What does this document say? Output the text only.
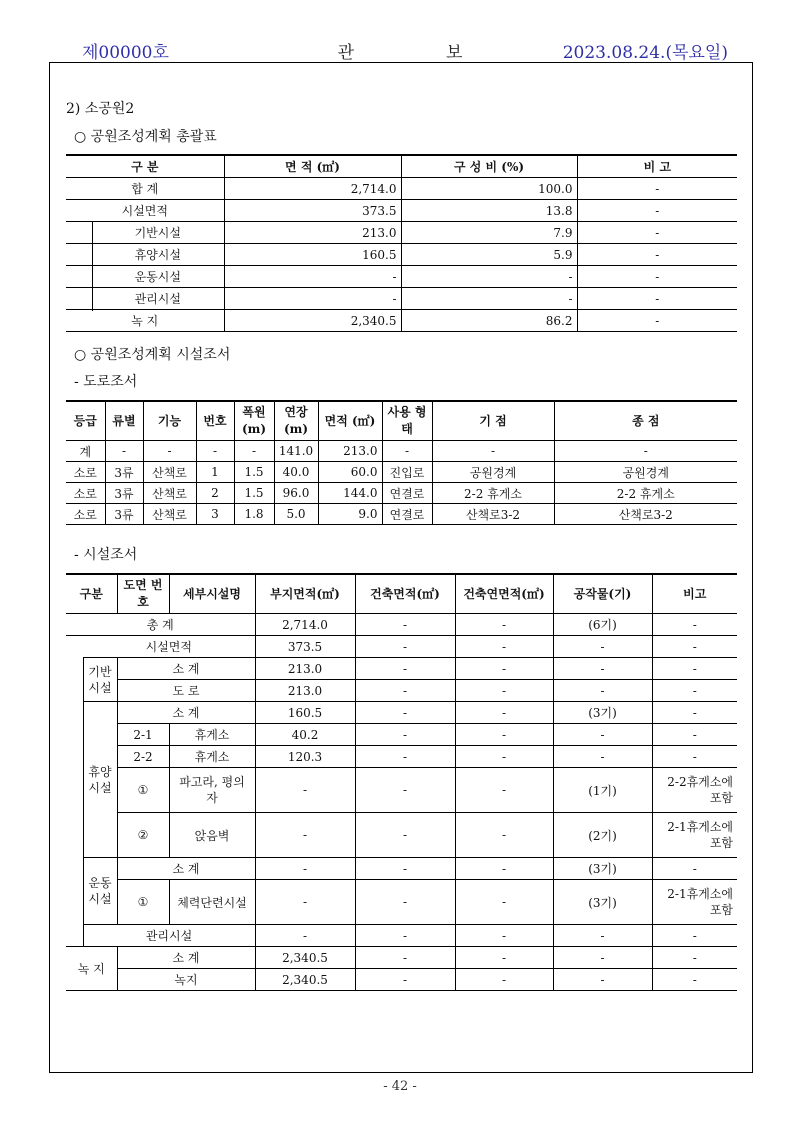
제00000호	관	보	2023.08.24.(목요일)
2) 소공원2
○ 공원조성계획 총괄표
구 분	면 적 (㎡)	구 성 비 (%)	비 고
합 계	2,714.0	100.0	-
시설면적	373.5	13.8	-
기반시설	213.0	7.9	-
휴양시설	160.5	5.9	-
운동시설	-	-	-
관리시설	-	-	-
녹 지	2,340.5	86.2	-
○ 공원조성계획 시설조서
- 도로조서
등급	류별	기능	번호	폭원 (m)	연장 (m)	면적 (㎡)	사용 형태	기 점	종 점
계	-	-	-	-	141.0	213.0	-	-	-
소로	3류	산책로	1	1.5	40.0	60.0	진입로	공원경계	공원경계
소로	3류	산책로	2	1.5	96.0	144.0	연결로	2-2 휴게소	2-2 휴게소
소로	3류	산책로	3	1.8	5.0	9.0	연결로	산책로3-2	산책로3-2
- 시설조서
구분		도면 번호	세부시설명	부지면적(㎡)	건축면적(㎡)	건축연면적(㎡)	공작물(기)	비고
총 계				2,714.0	-	-	(6기)	-
	시설면적			373.5	-	-	-	-
	기반 시설	소 계		213.0	-	-	-	-
		도 로		213.0	-	-	-	-
	휴양 시설	소 계		160.5	-	-	(3기)	-
		2-1	휴게소	40.2	-	-	-	-
		2-2	휴게소	120.3	-	-	-	-
		①	파고라, 평의자	-	-	-	(1기)	2-2휴게소에 포함
		②	앉음벽	-	-	-	(2기)	2-1휴게소에 포함
	운동 시설	소 계		-	-	-	(3기)	-
		①	체력단련시설	-	-	-	(3기)	2-1휴게소에 포함
	관리시설			-	-	-	-	-
녹 지		소 계		2,340.5	-	-	-	-
		녹지		2,340.5	-	-	-	-
- 42 -
